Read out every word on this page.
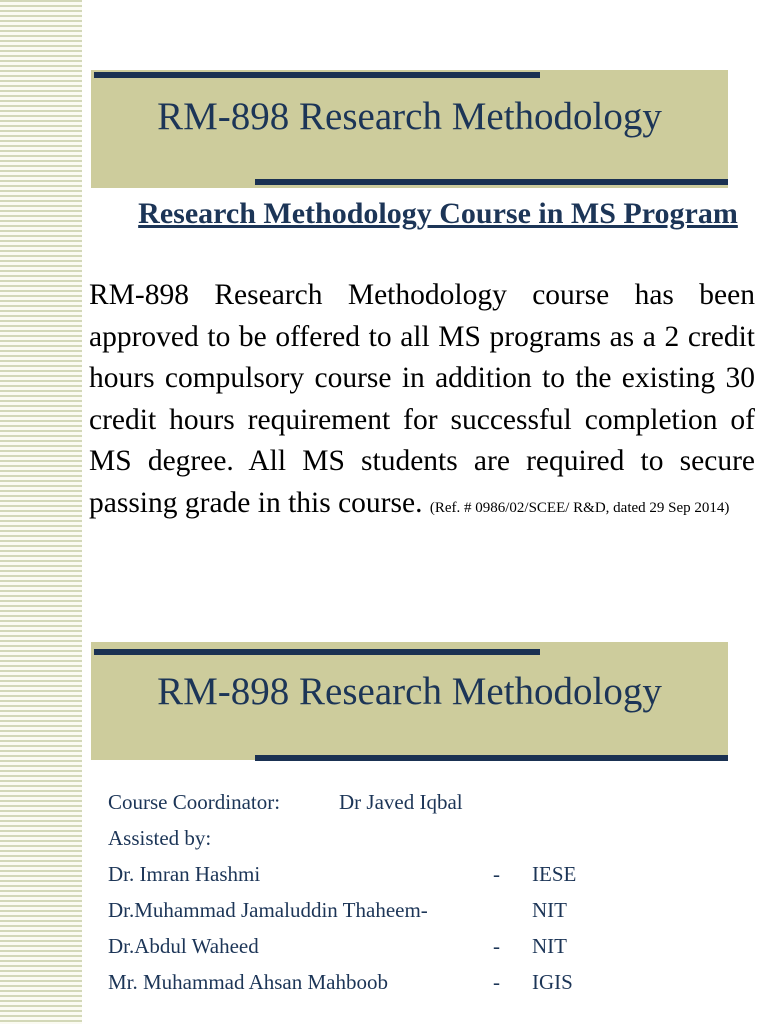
RM-898 Research Methodology
Research Methodology Course in MS Program
RM-898 Research Methodology course has been approved to be offered to all MS programs as a 2 credit hours compulsory course in addition to the existing 30 credit hours requirement for successful completion of MS degree. All MS students are required to secure passing grade in this course. (Ref. # 0986/02/SCEE/ R&D, dated 29 Sep 2014)
RM-898 Research Methodology
Course Coordinator:	Dr Javed Iqbal
Assisted by:
Dr. Imran Hashmi	- IESE
Dr.Muhammad Jamaluddin Thaheem-	NIT
Dr.Abdul Waheed	- NIT
Mr. Muhammad Ahsan Mahboob	- IGIS
